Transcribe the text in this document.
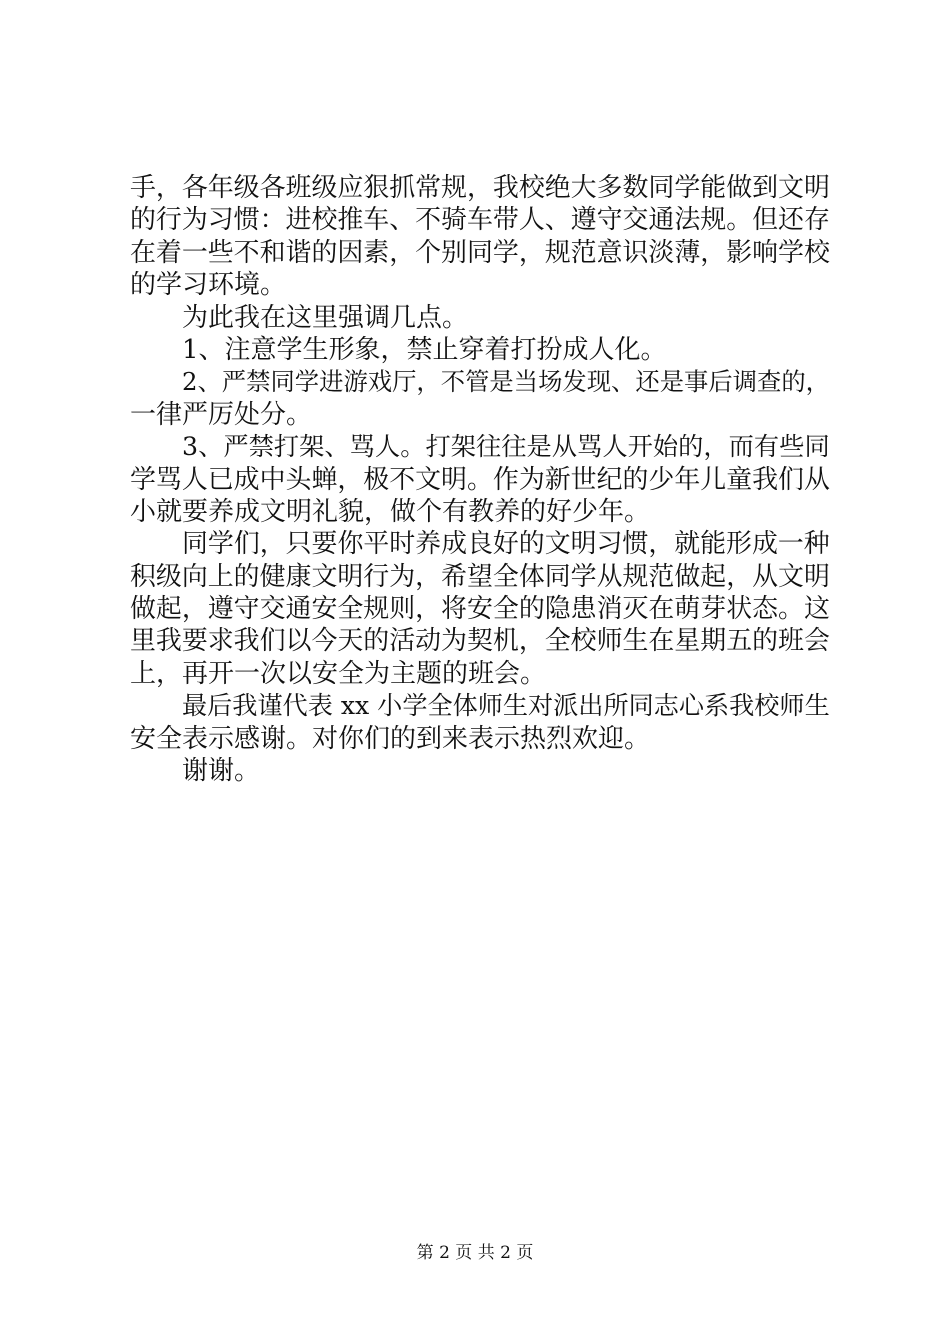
手，各年级各班级应狠抓常规，我校绝大多数同学能做到文明
的行为习惯：进校推车、不骑车带人、遵守交通法规。但还存
在着一些不和谐的因素，个别同学，规范意识淡薄，影响学校
的学习环境。
为此我在这里强调几点。
1、注意学生形象，禁止穿着打扮成人化。
2、严禁同学进游戏厅，不管是当场发现、还是事后调查的，
一律严厉处分。
3、严禁打架、骂人。打架往往是从骂人开始的，而有些同
学骂人已成中头蝉，极不文明。作为新世纪的少年儿童我们从
小就要养成文明礼貌，做个有教养的好少年。
同学们，只要你平时养成良好的文明习惯，就能形成一种
积级向上的健康文明行为，希望全体同学从规范做起，从文明
做起，遵守交通安全规则，将安全的隐患消灭在萌芽状态。这
里我要求我们以今天的活动为契机，全校师生在星期五的班会
上，再开一次以安全为主题的班会。
最后我谨代表 xx 小学全体师生对派出所同志心系我校师生
安全表示感谢。对你们的到来表示热烈欢迎。
谢谢。
第 2 页 共 2 页
